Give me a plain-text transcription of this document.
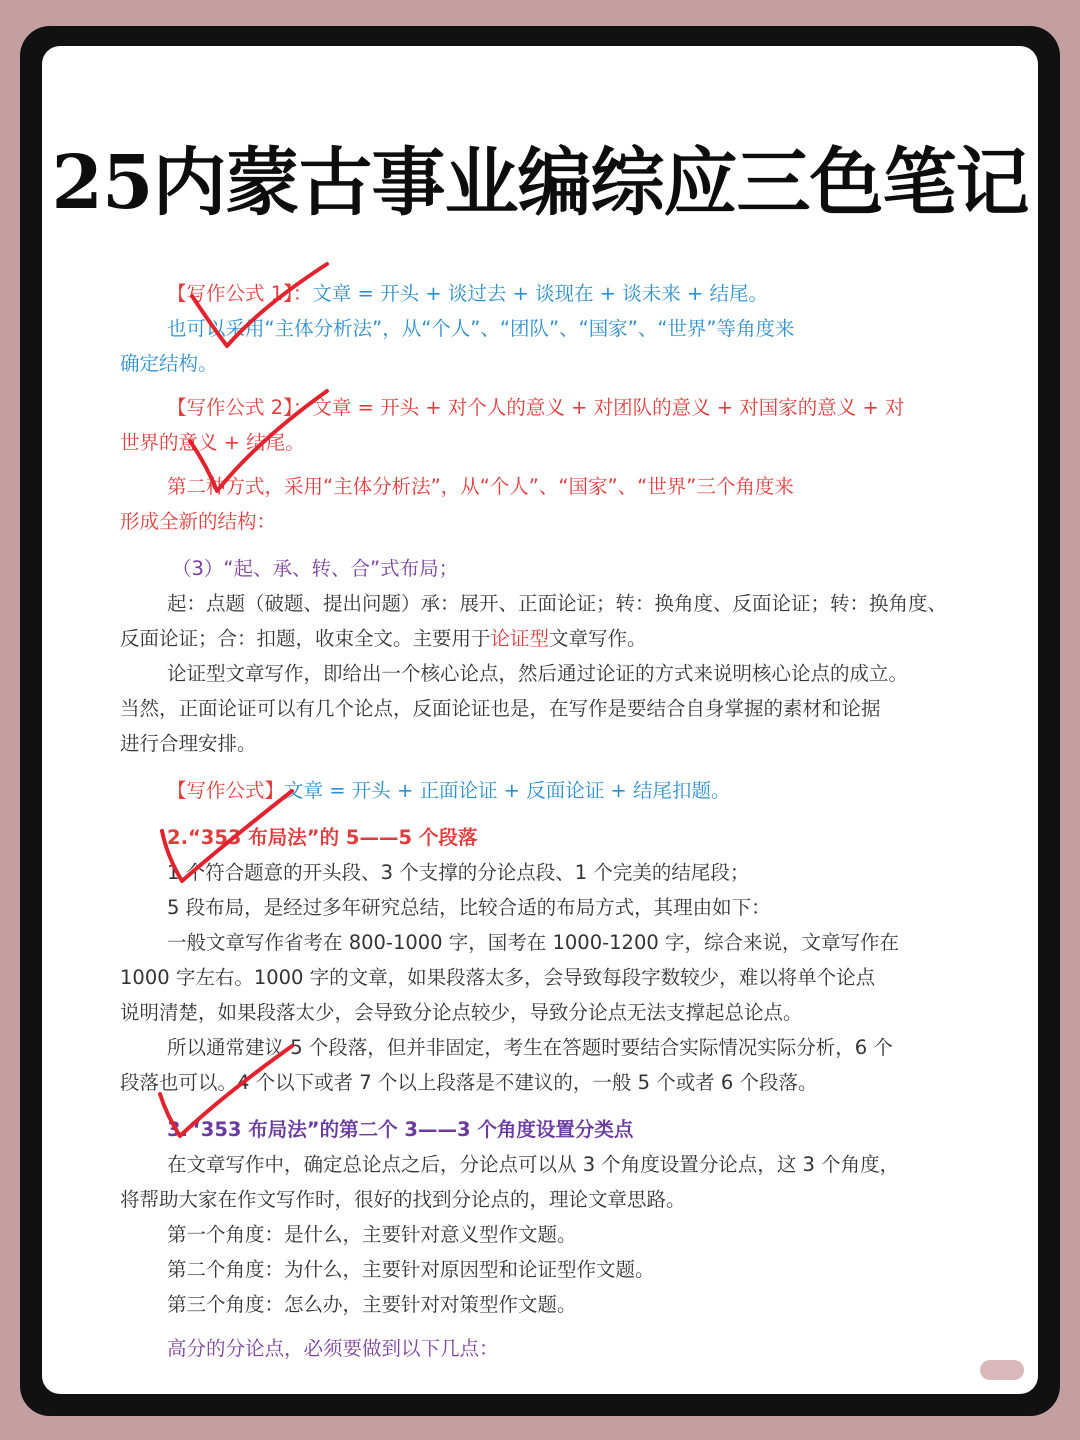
25内蒙古事业编综应三色笔记
【写作公式 1】：文章 = 开头 + 谈过去 + 谈现在 + 谈未来 + 结尾。
也可以采用“主体分析法”，从“个人”、“团队”、“国家”、“世界”等角度来
确定结构。
【写作公式 2】：文章 = 开头 + 对个人的意义 + 对团队的意义 + 对国家的意义 + 对
世界的意义 + 结尾。
第二种方式，采用“主体分析法”，从“个人”、“国家”、“世界”三个角度来
形成全新的结构：
（3）“起、承、转、合”式布局；
起：点题（破题、提出问题）承：展开、正面论证；转：换角度、反面论证；转：换角度、
反面论证；合：扣题，收束全文。主要用于论证型文章写作。
论证型文章写作，即给出一个核心论点，然后通过论证的方式来说明核心论点的成立。
当然，正面论证可以有几个论点，反面论证也是，在写作是要结合自身掌握的素材和论据
进行合理安排。
【写作公式】文章 = 开头 + 正面论证 + 反面论证 + 结尾扣题。
2.“353 布局法”的 5——5 个段落
1 个符合题意的开头段、3 个支撑的分论点段、1 个完美的结尾段；
5 段布局，是经过多年研究总结，比较合适的布局方式，其理由如下：
一般文章写作省考在 800-1000 字，国考在 1000-1200 字，综合来说，文章写作在
1000 字左右。1000 字的文章，如果段落太多，会导致每段字数较少，难以将单个论点
说明清楚，如果段落太少，会导致分论点较少，导致分论点无法支撑起总论点。
所以通常建议 5 个段落，但并非固定，考生在答题时要结合实际情况实际分析，6 个
段落也可以。4 个以下或者 7 个以上段落是不建议的，一般 5 个或者 6 个段落。
3.“353 布局法”的第二个 3——3 个角度设置分类点
在文章写作中，确定总论点之后，分论点可以从 3 个角度设置分论点，这 3 个角度，
将帮助大家在作文写作时，很好的找到分论点的，理论文章思路。
第一个角度：是什么，主要针对意义型作文题。
第二个角度：为什么，主要针对原因型和论证型作文题。
第三个角度：怎么办，主要针对对策型作文题。
高分的分论点，必须要做到以下几点：
